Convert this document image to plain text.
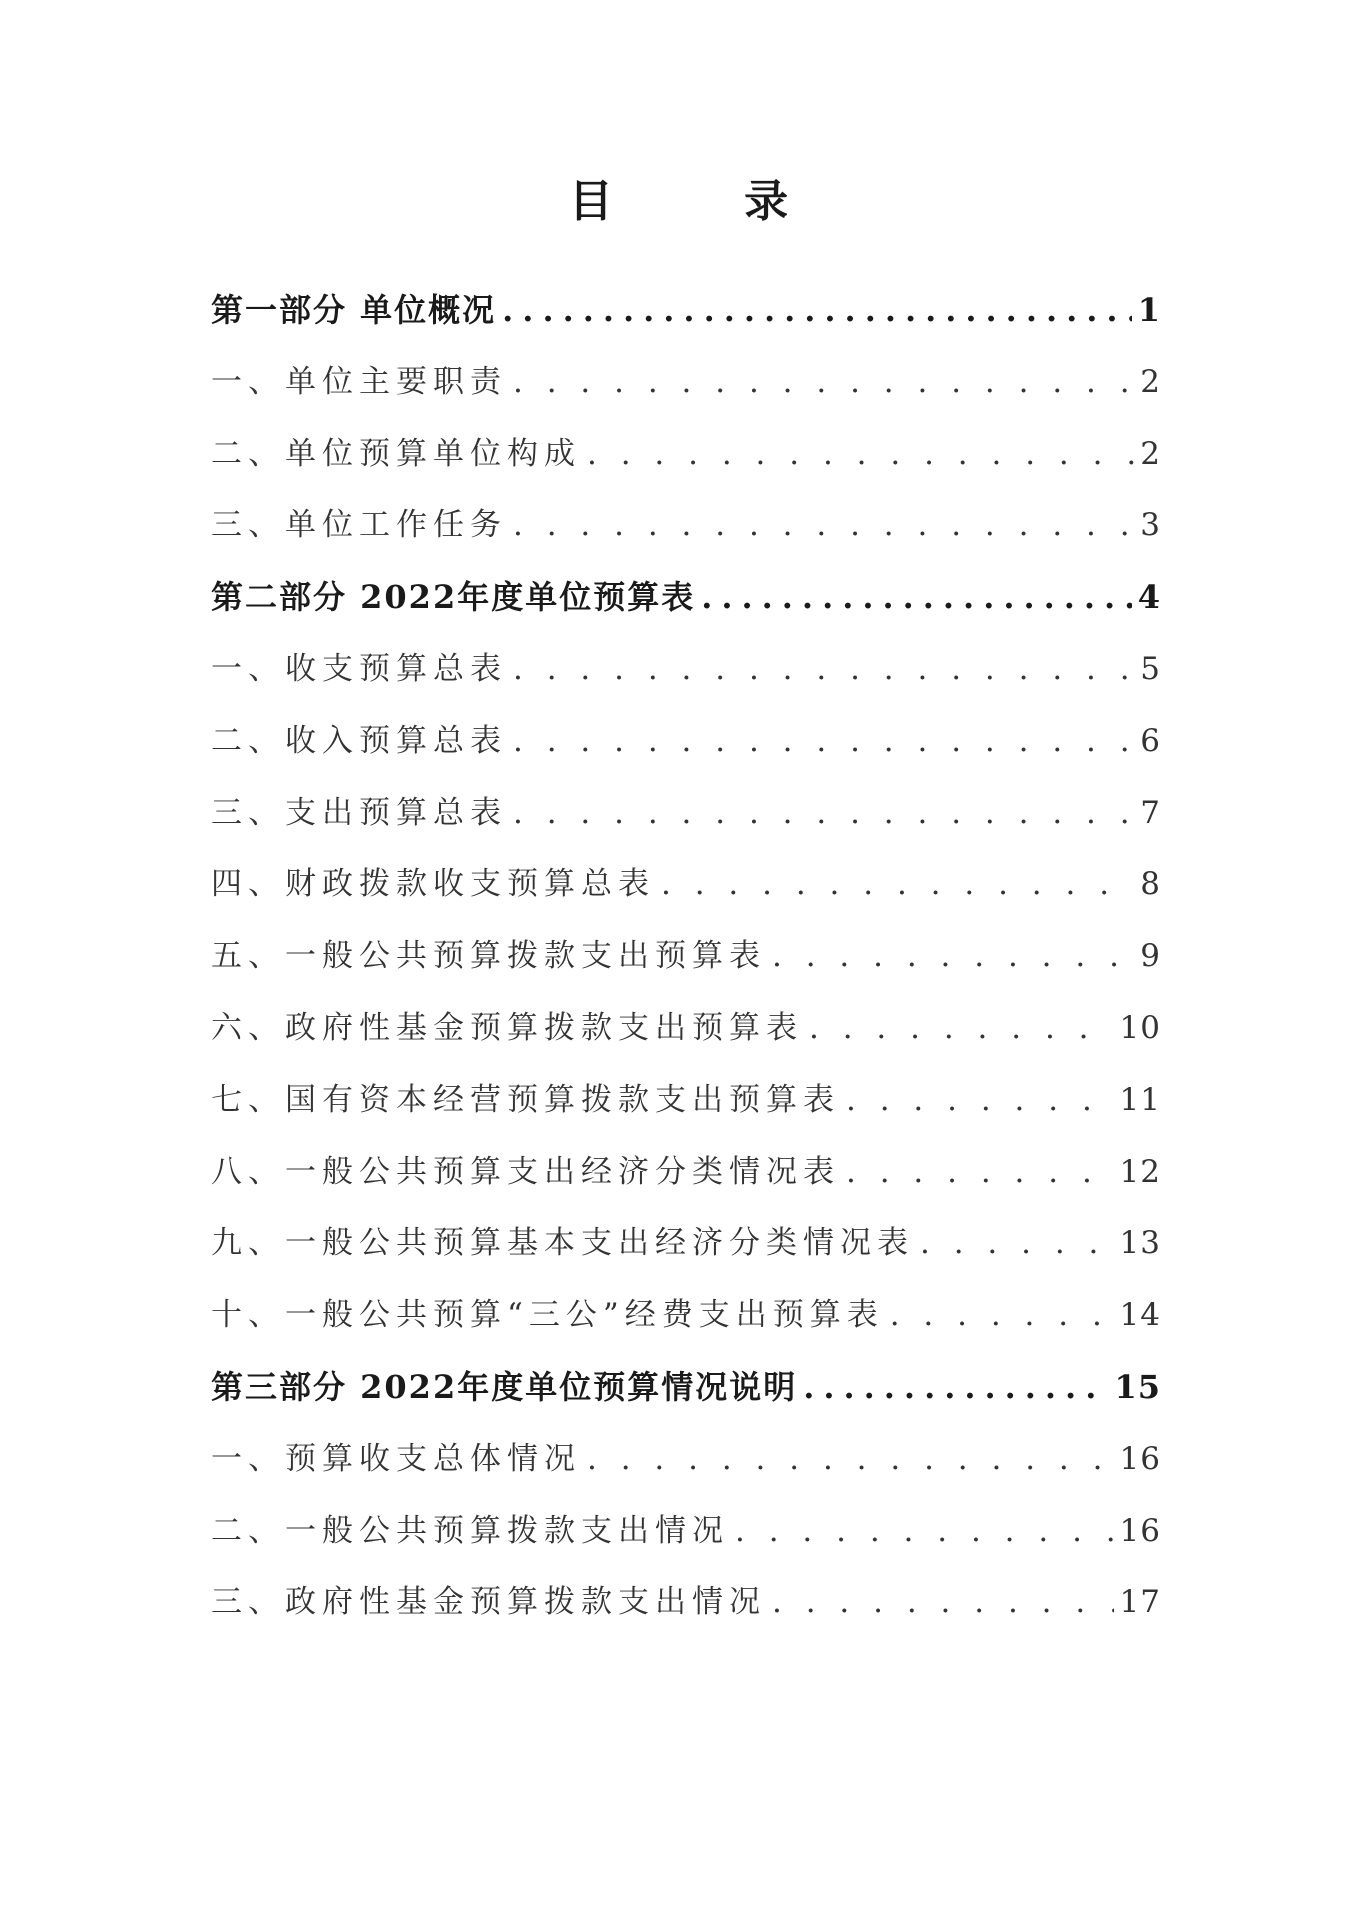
目 录
第一部分 单位概况 .....	1
一、单位主要职责 . . .	2
二、单位预算单位构成 . . .	2
三、单位工作任务 . . .	3
第二部分 2022年度单位预算表 .....	4
一、收支预算总表 . . .	5
二、收入预算总表 . . .	6
三、支出预算总表 . . .	7
四、财政拨款收支预算总表 . . .	8
五、一般公共预算拨款支出预算表 . . .	9
六、政府性基金预算拨款支出预算表 . . .	10
七、国有资本经营预算拨款支出预算表 . . .	11
八、一般公共预算支出经济分类情况表 . . .	12
九、一般公共预算基本支出经济分类情况表 . . .	13
十、一般公共预算“三公”经费支出预算表 . . .	14
第三部分 2022年度单位预算情况说明 .....	15
一、预算收支总体情况 . . .	16
二、一般公共预算拨款支出情况 . . .	16
三、政府性基金预算拨款支出情况 . . .	17
